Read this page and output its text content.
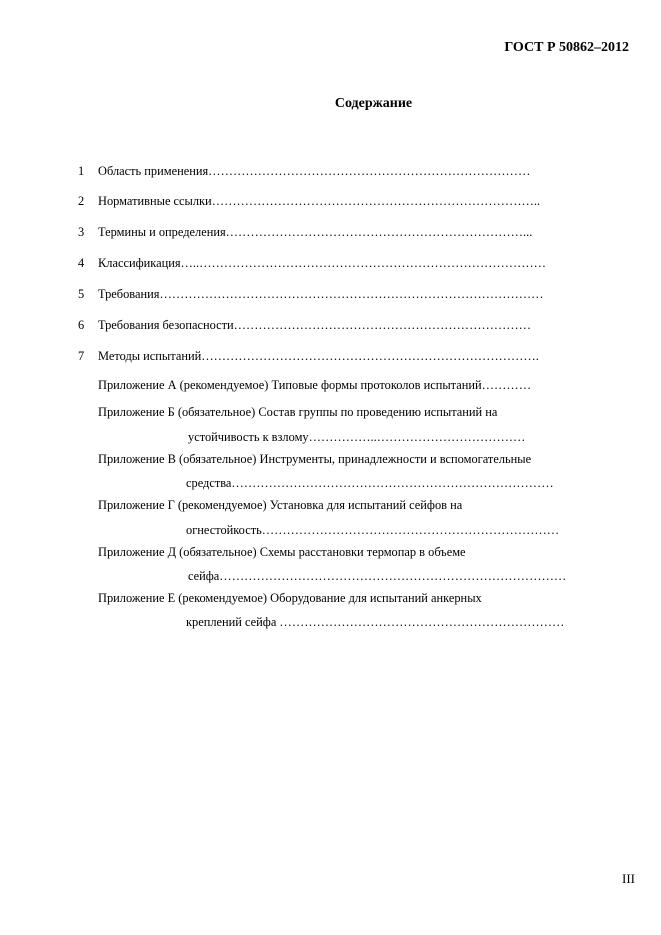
ГОСТ Р 50862–2012
Содержание
1 Область применения……………………………………………………………………
2 Нормативные ссылки……………………………………………………………………..
3 Термины и определения………………………………………………………………...
4 Классификация…..…………………………………………………………………………
5 Требования…………………………………………………………………………………
6 Требования безопасности………………………………………………………………
7 Методы испытаний……………………………………………………………………….
Приложение А (рекомендуемое) Типовые формы протоколов испытаний…………
Приложение Б (обязательное) Состав группы по проведению испытаний на
устойчивость к взлому……………..………………………………
Приложение В (обязательное) Инструменты, принадлежности и вспомогательные
средства……………………………………………………………………
Приложение Г (рекомендуемое) Установка для испытаний сейфов на
огнестойкость………………………………………………………………
Приложение Д (обязательное) Схемы расстановки термопар в объеме
сейфа…………………………………………………………………………
Приложение Е (рекомендуемое) Оборудование для испытаний анкерных
креплений сейфа ……………………………………………………………
III
